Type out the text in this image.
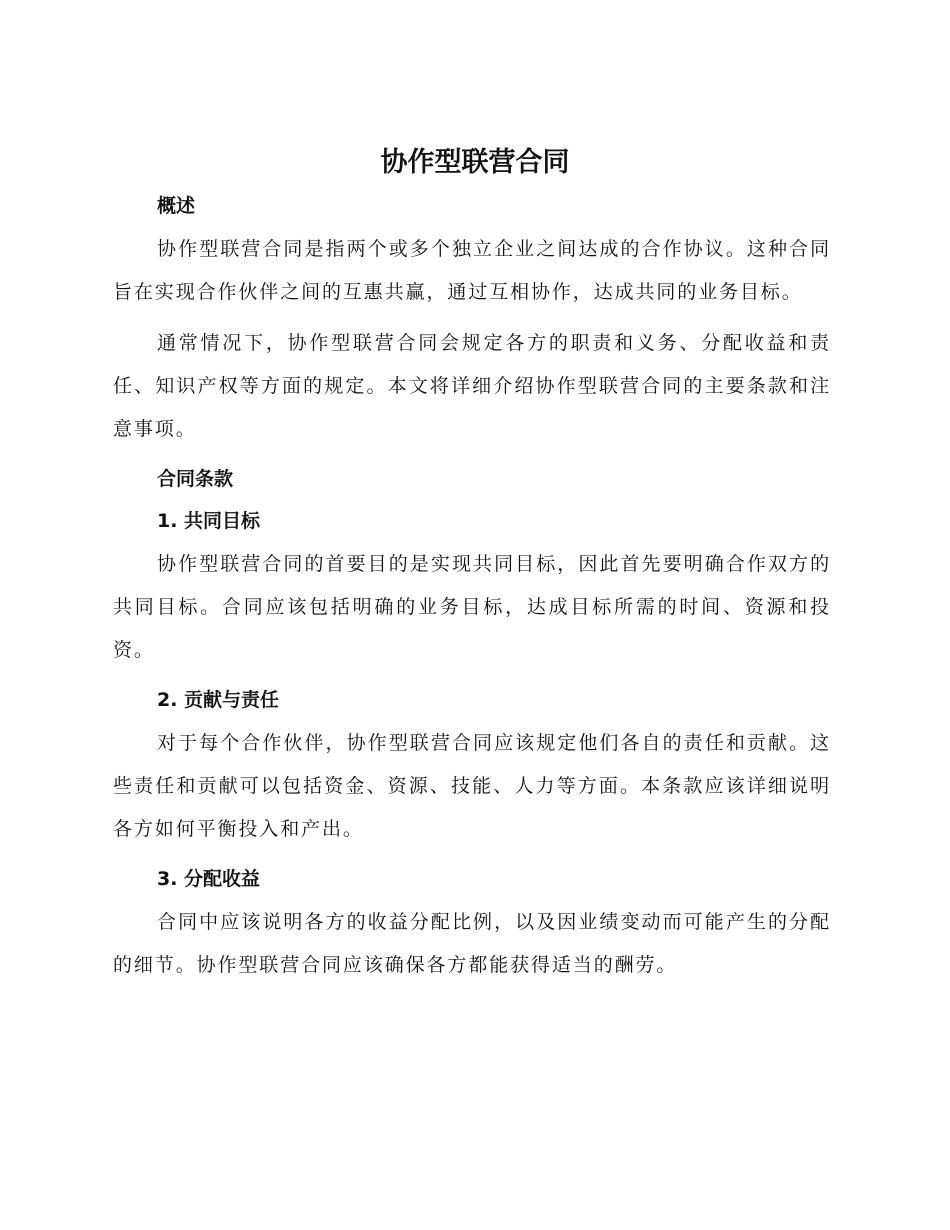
协作型联营合同
概述

协作型联营合同是指两个或多个独立企业之间达成的合作协议。这种合同旨在实现合作伙伴之间的互惠共赢，通过互相协作，达成共同的业务目标。

通常情况下，协作型联营合同会规定各方的职责和义务、分配收益和责任、知识产权等方面的规定。本文将详细介绍协作型联营合同的主要条款和注意事项。

合同条款
1. 共同目标

协作型联营合同的首要目的是实现共同目标，因此首先要明确合作双方的共同目标。合同应该包括明确的业务目标，达成目标所需的时间、资源和投资。

2. 贡献与责任

对于每个合作伙伴，协作型联营合同应该规定他们各自的责任和贡献。这些责任和贡献可以包括资金、资源、技能、人力等方面。本条款应该详细说明各方如何平衡投入和产出。

3. 分配收益

合同中应该说明各方的收益分配比例，以及因业绩变动而可能产生的分配的细节。协作型联营合同应该确保各方都能获得适当的酬劳。
